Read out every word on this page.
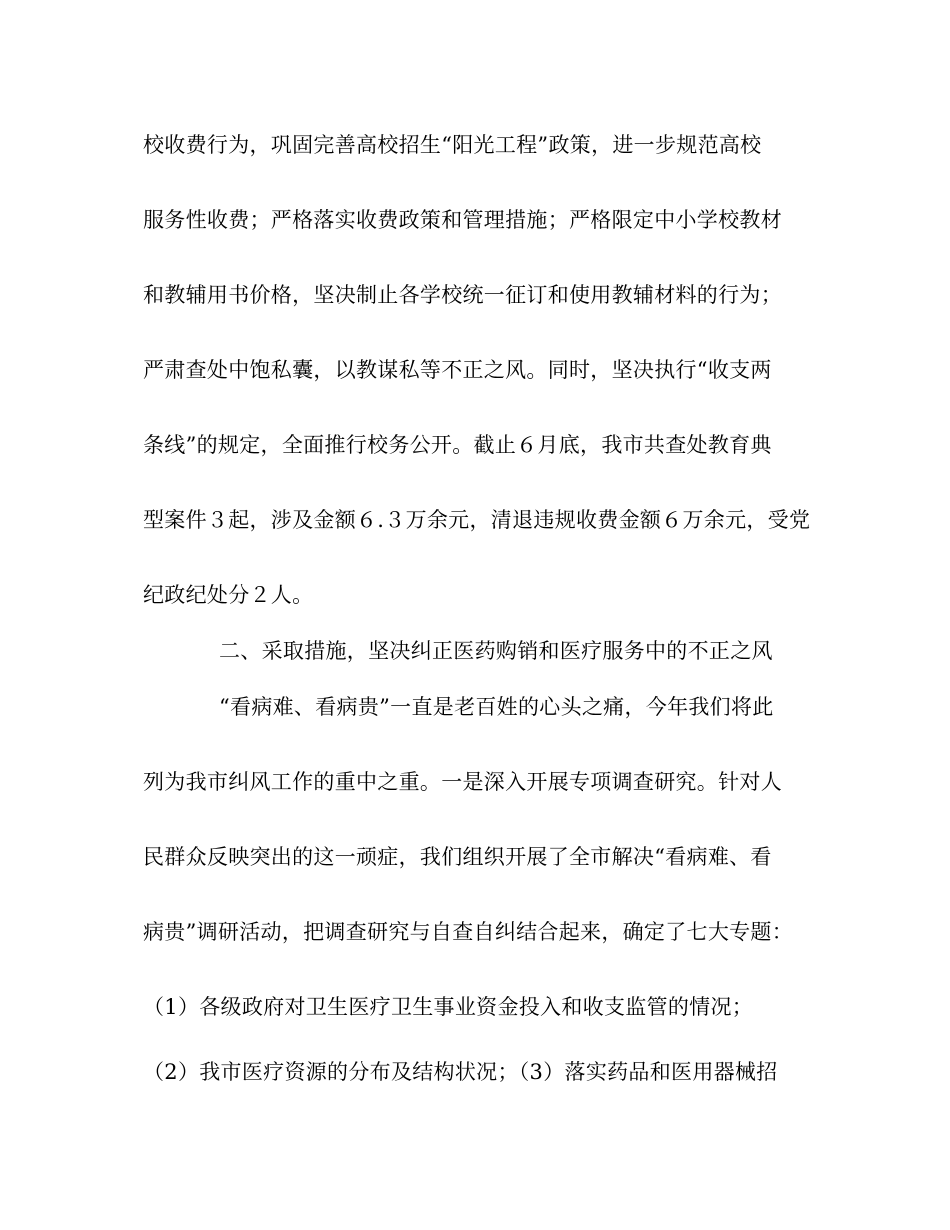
校收费行为，巩固完善高校招生“阳光工程”政策，进一步规范高校
服务性收费；严格落实收费政策和管理措施；严格限定中小学校教材
和教辅用书价格，坚决制止各学校统一征订和使用教辅材料的行为；
严肃查处中饱私囊，以教谋私等不正之风。同时，坚决执行“收支两
条线”的规定，全面推行校务公开。截止６月底，我市共查处教育典
型案件３起，涉及金额６.３万余元，清退违规收费金额６万余元，受党
纪政纪处分２人。
二、采取措施，坚决纠正医药购销和医疗服务中的不正之风
“看病难、看病贵”一直是老百姓的心头之痛，今年我们将此
列为我市纠风工作的重中之重。一是深入开展专项调查研究。针对人
民群众反映突出的这一顽症，我们组织开展了全市解决“看病难、看
病贵”调研活动，把调查研究与自查自纠结合起来，确定了七大专题：
（1）各级政府对卫生医疗卫生事业资金投入和收支监管的情况；
（2）我市医疗资源的分布及结构状况；（3）落实药品和医用器械招
